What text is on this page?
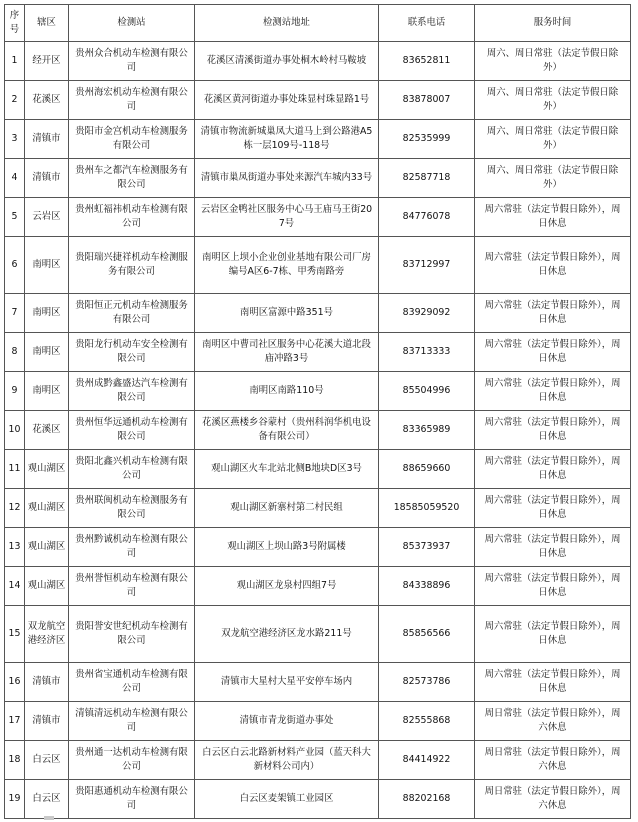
序号	辖区	检测站	检测站地址	联系电话	服务时间
1	经开区	贵州众合机动车检测有限公司	花溪区清溪街道办事处桐木岭村马鞍坡	83652811	周六、周日常驻（法定节假日除外）
2	花溪区	贵州海宏机动车检测有限公司	花溪区黄河街道办事处珠显村珠显路1号	83878007	周六、周日常驻（法定节假日除外）
3	清镇市	贵阳市金宫机动车检测服务有限公司	清镇市物流新城巢凤大道马上到公路港A5栋一层109号-118号	82535999	周六、周日常驻（法定节假日除外）
4	清镇市	贵州车之都汽车检测服务有限公司	清镇市巢凤街道办事处来源汽车城内33号	82587718	周六、周日常驻（法定节假日除外）
5	云岩区	贵州虹福祎机动车检测有限公司	云岩区金鸭社区服务中心马王庙马王街207号	84776078	周六常驻（法定节假日除外），周日休息
6	南明区	贵阳瑞兴捷祥机动车检测服务有限公司	南明区上坝小企业创业基地有限公司厂房编号A区6-7栋、甲秀南路旁	83712997	周六常驻（法定节假日除外），周日休息
7	南明区	贵阳恒正元机动车检测服务有限公司	南明区富源中路351号	83929092	周六常驻（法定节假日除外），周日休息
8	南明区	贵阳龙行机动车安全检测有限公司	南明区中曹司社区服务中心花溪大道北段庙冲路3号	83713333	周六常驻（法定节假日除外），周日休息
9	南明区	贵州成黔鑫盛达汽车检测有限公司	南明区南路110号	85504996	周六常驻（法定节假日除外），周日休息
10	花溪区	贵州恒华远通机动车检测有限公司	花溪区燕楼乡谷蒙村（贵州科润华机电设备有限公司）	83365989	周六常驻（法定节假日除外），周日休息
11	观山湖区	贵阳北鑫兴机动车检测有限公司	观山湖区火车北站北侧B地块D区3号	88659660	周六常驻（法定节假日除外），周日休息
12	观山湖区	贵州联闽机动车检测服务有限公司	观山湖区新寨村第二村民组	18585059520	周六常驻（法定节假日除外），周日休息
13	观山湖区	贵州黔诚机动车检测有限公司	观山湖区上坝山路3号附属楼	85373937	周六常驻（法定节假日除外），周日休息
14	观山湖区	贵州誉恒机动车检测有限公司	观山湖区龙泉村四组7号	84338896	周六常驻（法定节假日除外），周日休息
15	双龙航空港经济区	贵阳誉安世纪机动车检测有限公司	双龙航空港经济区龙水路211号	85856566	周六常驻（法定节假日除外），周日休息
16	清镇市	贵州省宝通机动车检测有限公司	清镇市大星村大星平安停车场内	82573786	周六常驻（法定节假日除外），周日休息
17	清镇市	清镇清远机动车检测有限公司	清镇市青龙街道办事处	82555868	周日常驻（法定节假日除外），周六休息
18	白云区	贵州通一达机动车检测有限公司	白云区白云北路新材料产业园（蓝天科大新材料公司内）	84414922	周日常驻（法定节假日除外），周六休息
19	白云区	贵阳惠通机动车检测有限公司	白云区麦架镇工业园区	88202168	周日常驻（法定节假日除外），周六休息
